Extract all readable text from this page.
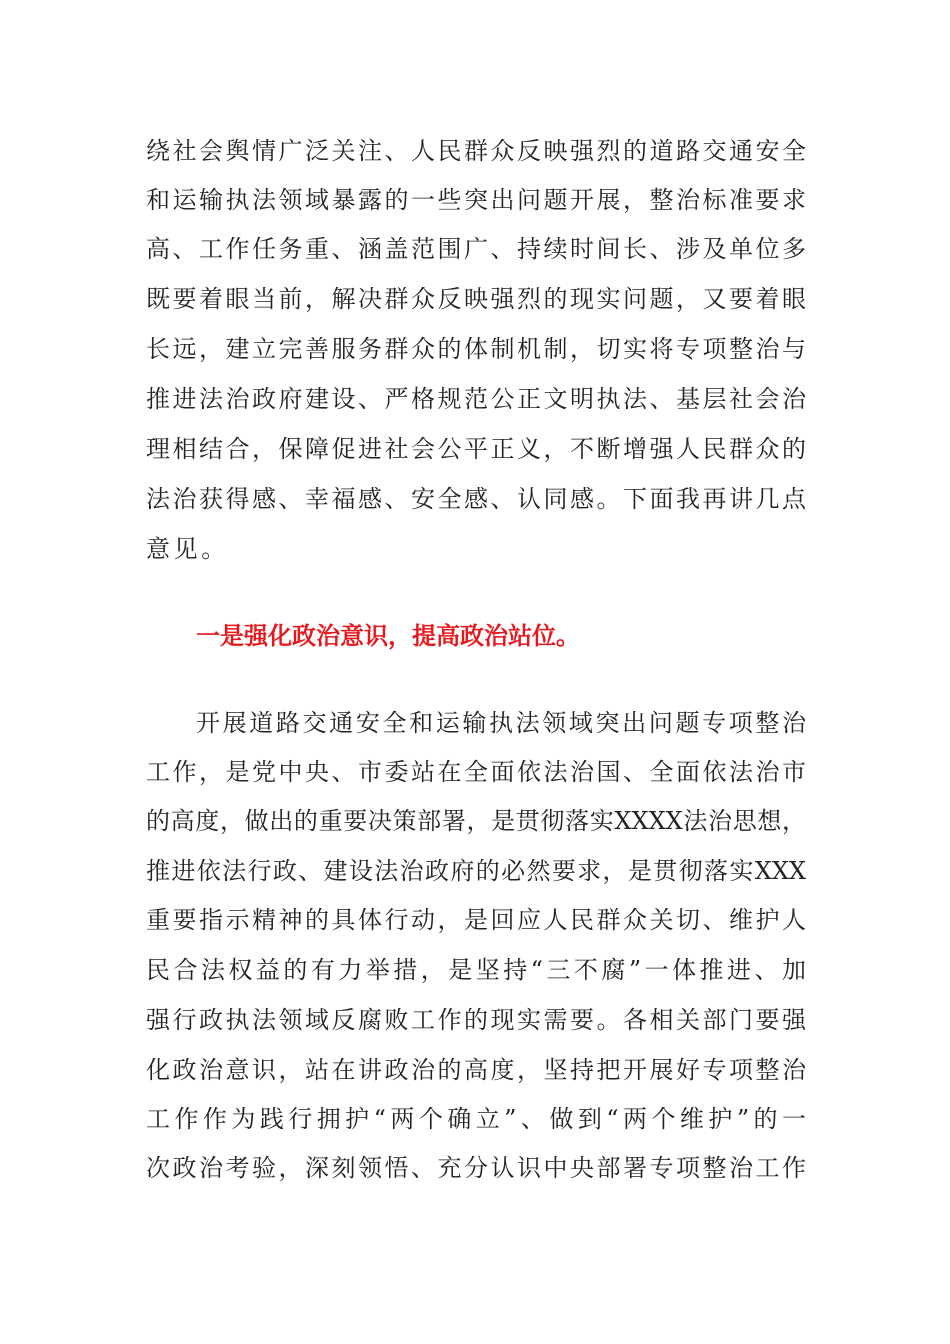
绕社会舆情广泛关注、人民群众反映强烈的道路交通安全
和运输执法领域暴露的一些突出问题开展，整治标准要求
高、工作任务重、涵盖范围广、持续时间长、涉及单位多
既要着眼当前，解决群众反映强烈的现实问题，又要着眼
长远，建立完善服务群众的体制机制，切实将专项整治与
推进法治政府建设、严格规范公正文明执法、基层社会治
理相结合，保障促进社会公平正义，不断增强人民群众的
法治获得感、幸福感、安全感、认同感。下面我再讲几点
意见。
一是强化政治意识，提高政治站位。
开展道路交通安全和运输执法领域突出问题专项整治
工作，是党中央、市委站在全面依法治国、全面依法治市
的高度，做出的重要决策部署，是贯彻落实XXXX法治思想，
推进依法行政、建设法治政府的必然要求，是贯彻落实XXX
重要指示精神的具体行动，是回应人民群众关切、维护人
民合法权益的有力举措，是坚持“三不腐”一体推进、加
强行政执法领域反腐败工作的现实需要。各相关部门要强
化政治意识，站在讲政治的高度，坚持把开展好专项整治
工作作为践行拥护“两个确立”、做到“两个维护”的一
次政治考验，深刻领悟、充分认识中央部署专项整治工作
